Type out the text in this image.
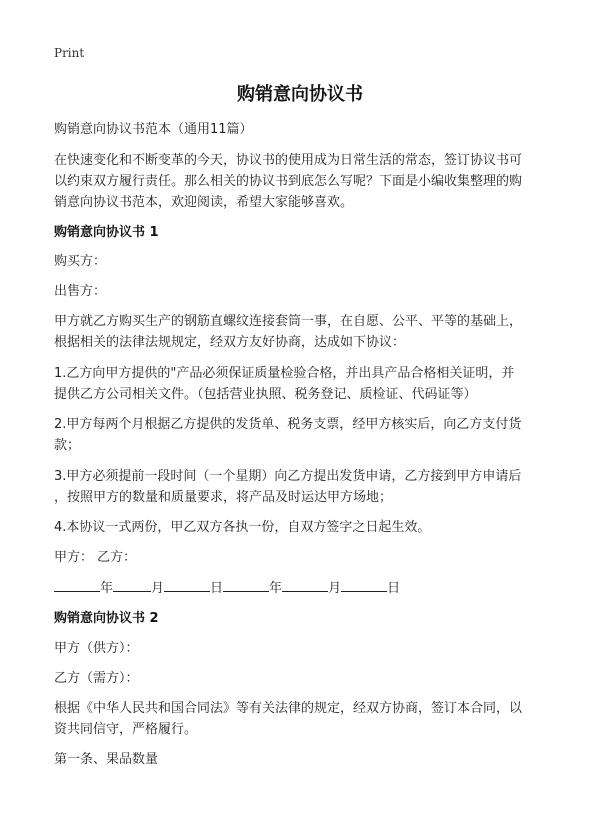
Print
购销意向协议书

购销意向协议书范本（通用11篇）

在快速变化和不断变革的今天，协议书的使用成为日常生活的常态，签订协议书可

以约束双方履行责任。那么相关的协议书到底怎么写呢？下面是小编收集整理的购

销意向协议书范本，欢迎阅读，希望大家能够喜欢。

购销意向协议书 1

购买方：

出售方：

甲方就乙方购买生产的钢筋直螺纹连接套筒一事，在自愿、公平、平等的基础上，

根据相关的法律法规规定，经双方友好协商，达成如下协议：

1.乙方向甲方提供的"产品必须保证质量检验合格，并出具产品合格相关证明，并

提供乙方公司相关文件。（包括营业执照、税务登记、质检证、代码证等）

2.甲方每两个月根据乙方提供的发货单、税务支票，经甲方核实后，向乙方支付货

款；

3.甲方必须提前一段时间（一个星期）向乙方提出发货申请，乙方接到甲方申请后

，按照甲方的数量和质量要求，将产品及时运达甲方场地；

4.本协议一式两份，甲乙双方各执一份，自双方签字之日起生效。

甲方： 乙方：

年	月	日	年	月	日

购销意向协议书 2

甲方（供方）：

乙方（需方）：

根据《中华人民共和国合同法》等有关法律的规定，经双方协商，签订本合同，以

资共同信守，严格履行。

第一条、果品数量
